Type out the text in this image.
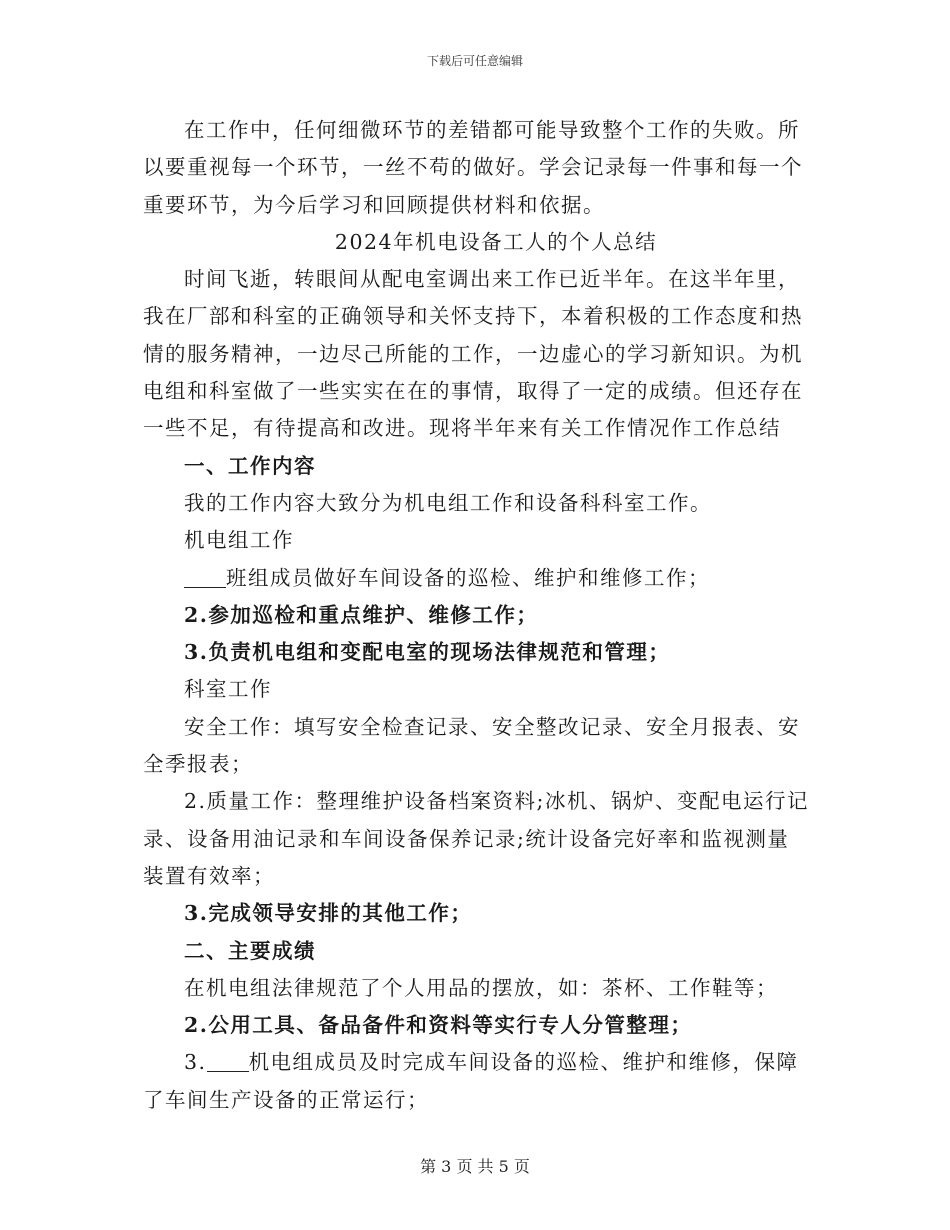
下载后可任意编辑

在工作中，任何细微环节的差错都可能导致整个工作的失败。所以要重视每一个环节，一丝不苟的做好。学会记录每一件事和每一个重要环节，为今后学习和回顾提供材料和依据。

2024年机电设备工人的个人总结

时间飞逝，转眼间从配电室调出来工作已近半年。在这半年里，我在厂部和科室的正确领导和关怀支持下，本着积极的工作态度和热情的服务精神，一边尽己所能的工作，一边虚心的学习新知识。为机电组和科室做了一些实实在在的事情，取得了一定的成绩。但还存在一些不足，有待提高和改进。现将半年来有关工作情况作工作总结

一、工作内容

我的工作内容大致分为机电组工作和设备科科室工作。

机电组工作

班组成员做好车间设备的巡检、维护和维修工作；

2.参加巡检和重点维护、维修工作；

3.负责机电组和变配电室的现场法律规范和管理；

科室工作

安全工作：填写安全检查记录、安全整改记录、安全月报表、安全季报表；

2.质量工作：整理维护设备档案资料;冰机、锅炉、变配电运行记录、设备用油记录和车间设备保养记录;统计设备完好率和监视测量装置有效率；

3.完成领导安排的其他工作；

二、主要成绩

在机电组法律规范了个人用品的摆放，如：茶杯、工作鞋等；

2.公用工具、备品备件和资料等实行专人分管整理；

3. 机电组成员及时完成车间设备的巡检、维护和维修，保障了车间生产设备的正常运行；

第 3 页 共 5 页
